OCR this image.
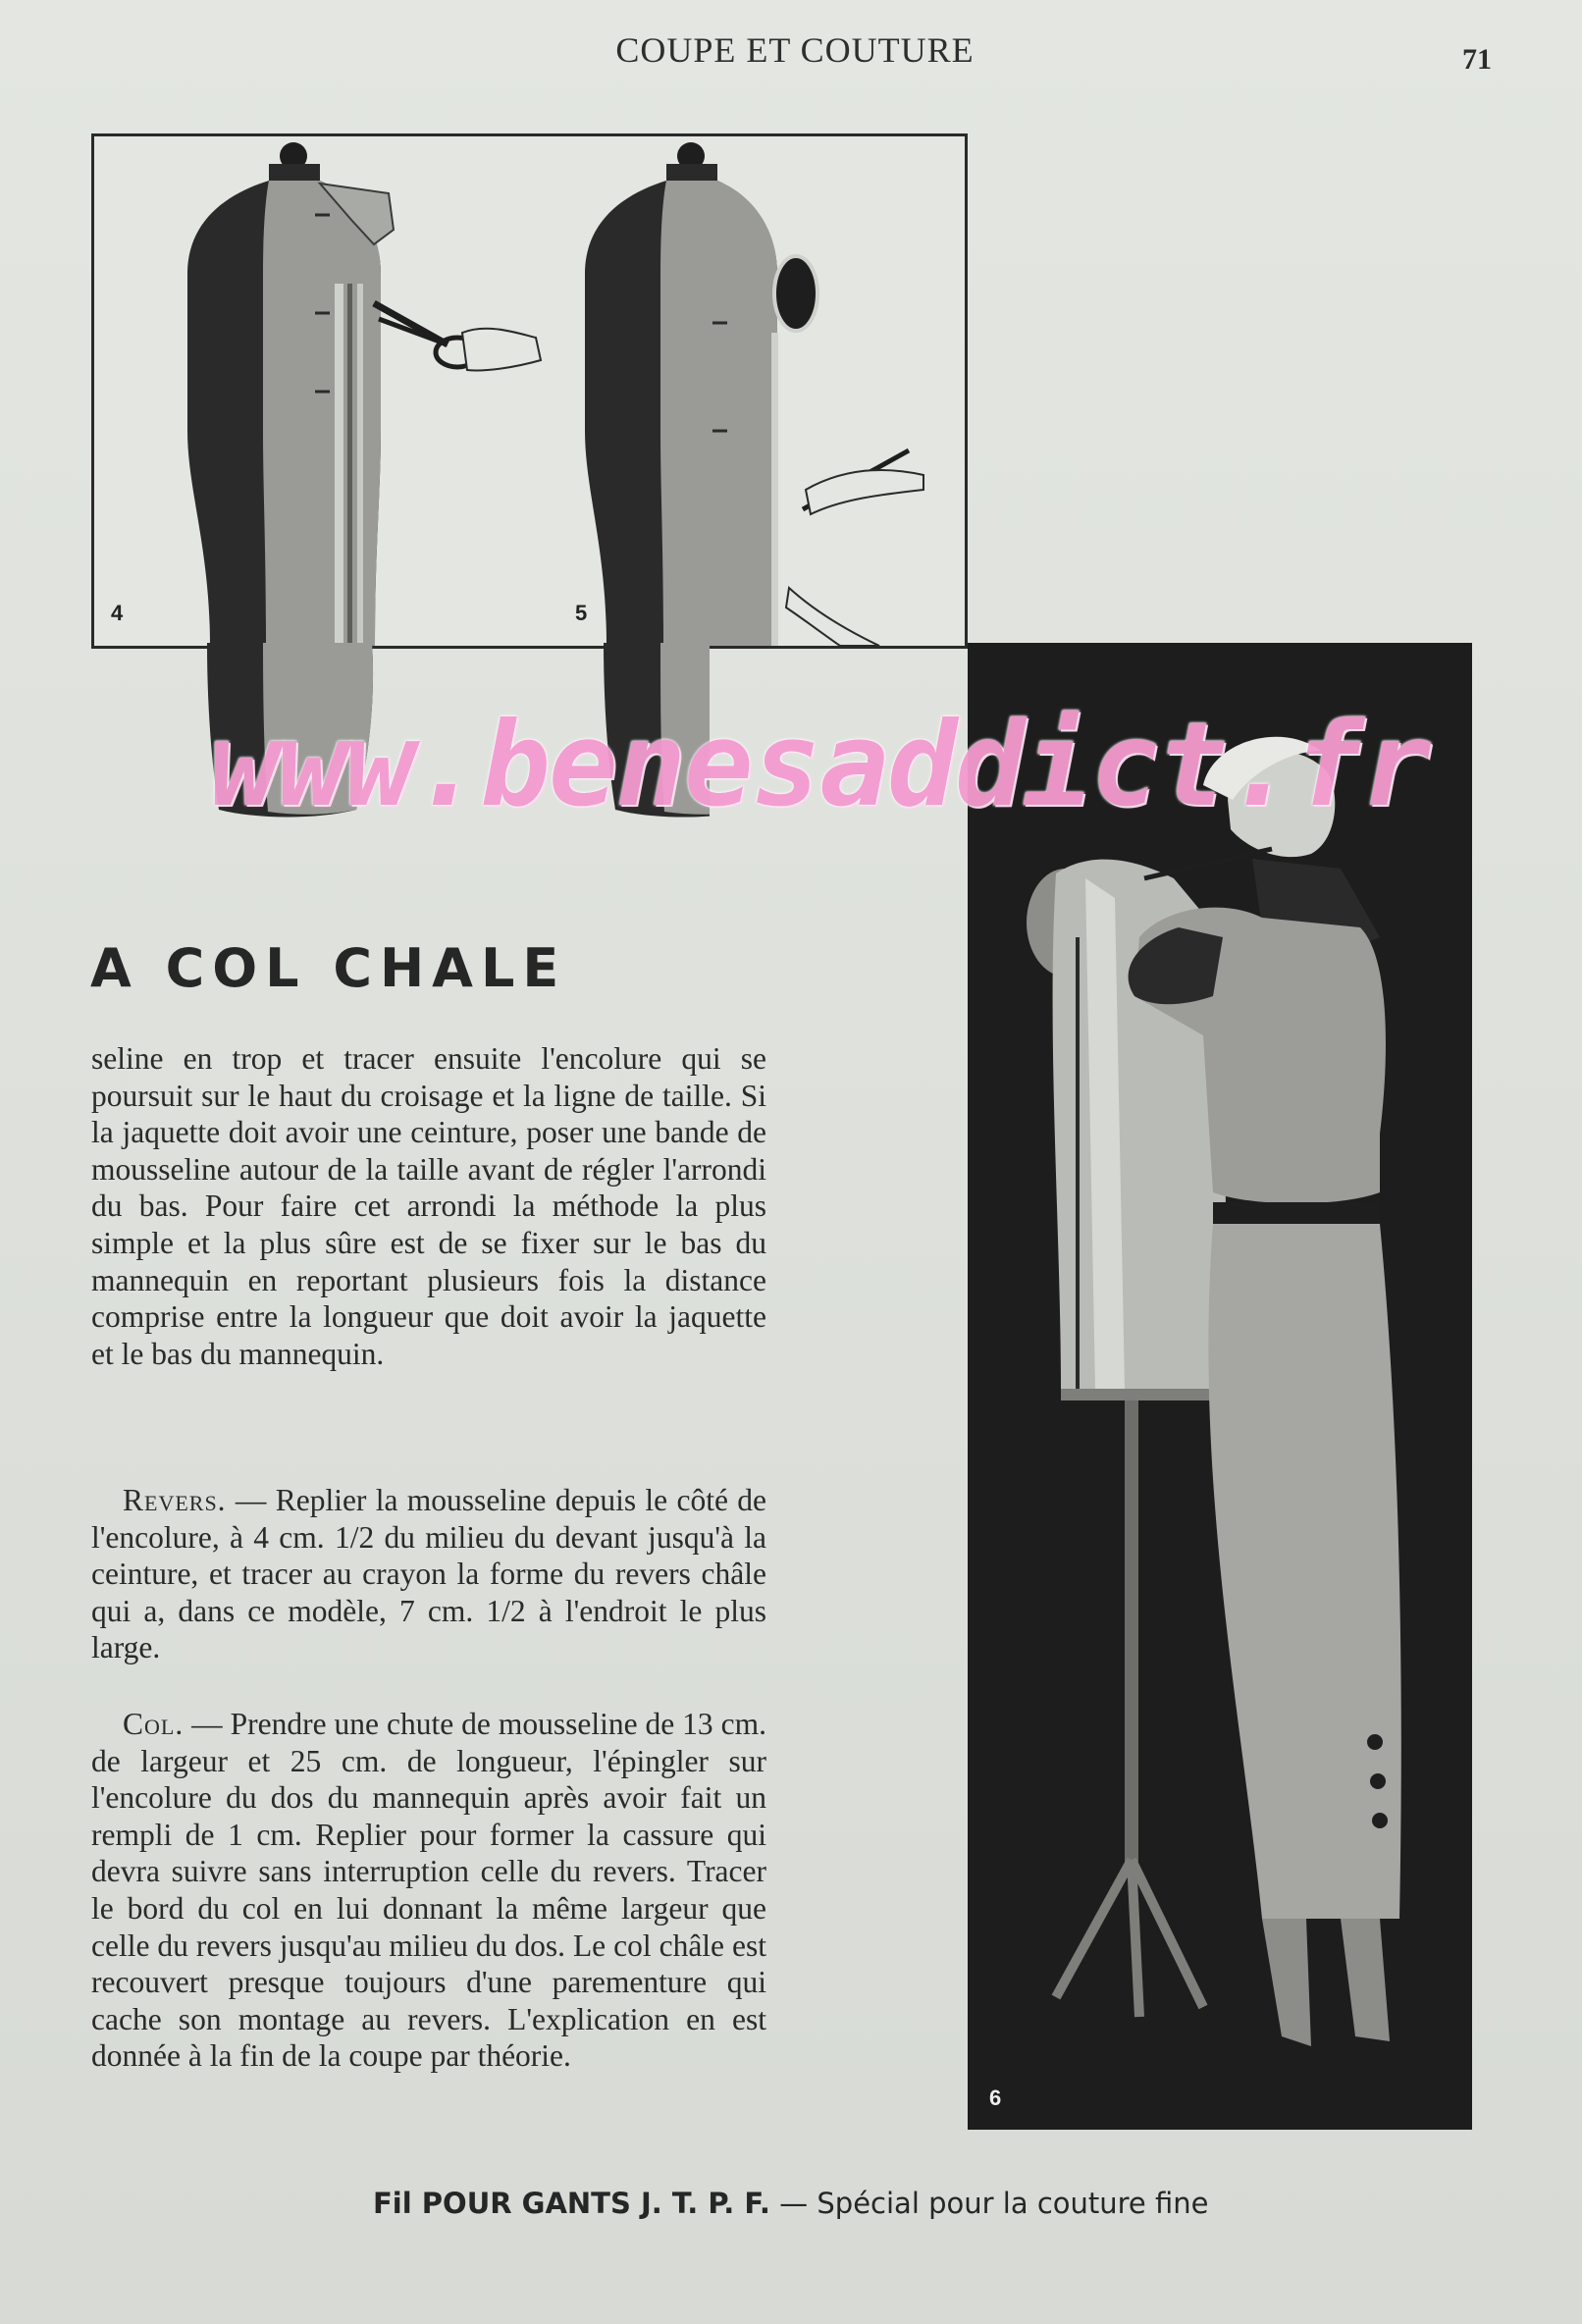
COUPE ET COUTURE	71
4	5
6
www.benesaddict.fr
A COL CHALE

seline en trop et tracer ensuite l'encolure qui se poursuit sur le haut du croisage et la ligne de taille. Si la jaquette doit avoir une ceinture, poser une bande de mousseline autour de la taille avant de régler l'arrondi du bas. Pour faire cet arrondi la méthode la plus simple et la plus sûre est de se fixer sur le bas du mannequin en reportant plusieurs fois la distance comprise entre la longueur que doit avoir la jaquette et le bas du mannequin.

Revers. — Replier la mousseline depuis le côté de l'encolure, à 4 cm. 1/2 du milieu du devant jusqu'à la ceinture, et tracer au crayon la forme du revers châle qui a, dans ce modèle, 7 cm. 1/2 à l'endroit le plus large.

Col. — Prendre une chute de mousseline de 13 cm. de largeur et 25 cm. de longueur, l'épingler sur l'encolure du dos du mannequin après avoir fait un rempli de 1 cm. Replier pour former la cassure qui devra suivre sans interruption celle du revers. Tracer le bord du col en lui donnant la même largeur que celle du revers jusqu'au milieu du dos. Le col châle est recouvert presque toujours d'une parementure qui cache son montage au revers. L'explication en est donnée à la fin de la coupe par théorie.

Fil POUR GANTS J. T. P. F. — Spécial pour la couture fine
